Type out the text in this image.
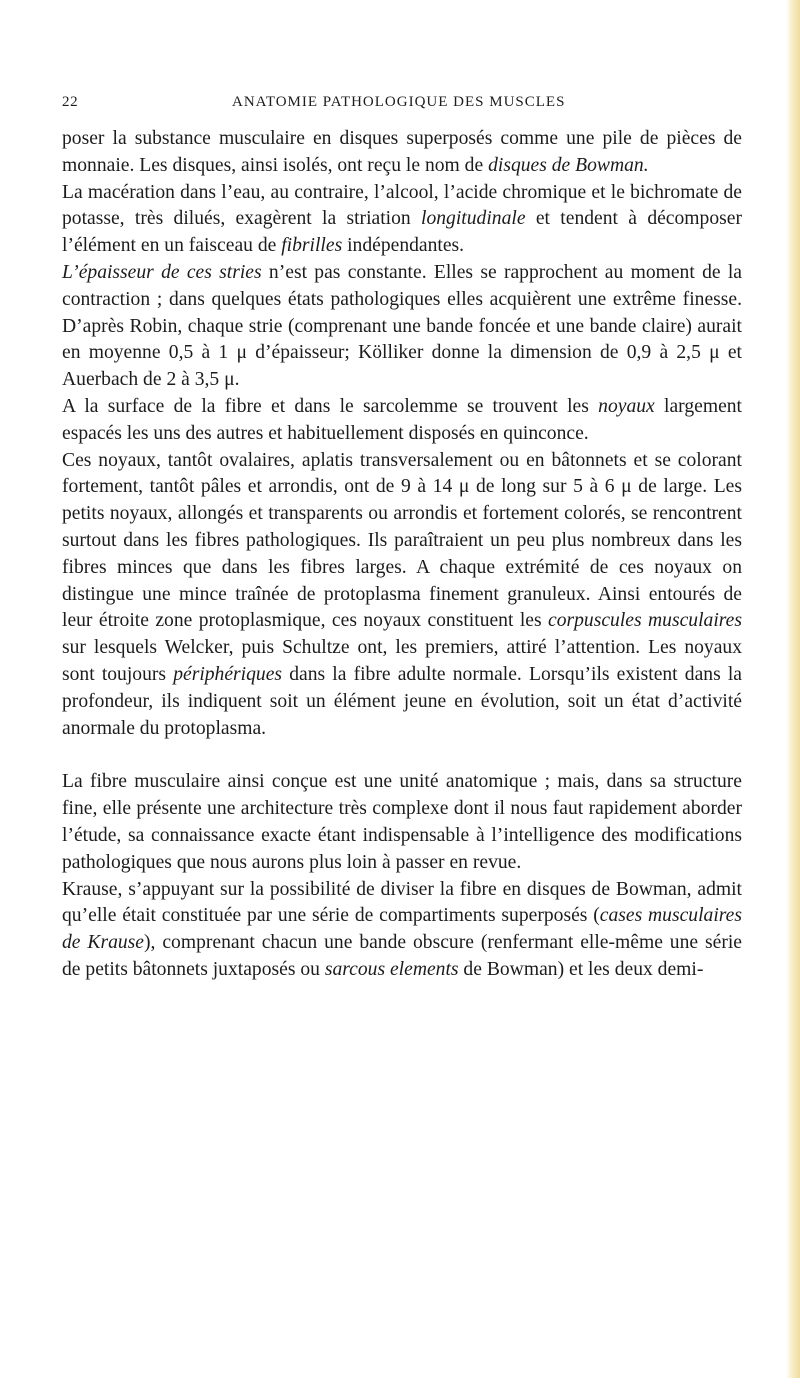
22	ANATOMIE PATHOLOGIQUE DES MUSCLES

poser la substance musculaire en disques superposés comme une pile de pièces de monnaie. Les disques, ainsi isolés, ont reçu le nom de disques de Bowman.

La macération dans l’eau, au contraire, l’alcool, l’acide chromique et le bichromate de potasse, très dilués, exagèrent la striation longitudinale et tendent à décomposer l’élément en un faisceau de fibrilles indépendantes.

L’épaisseur de ces stries n’est pas constante. Elles se rapprochent au moment de la contraction ; dans quelques états pathologiques elles acquièrent une extrême finesse. D’après Robin, chaque strie (comprenant une bande foncée et une bande claire) aurait en moyenne 0,5 à 1 μ d’épaisseur; Kölliker donne la dimension de 0,9 à 2,5 μ et Auerbach de 2 à 3,5 μ.

A la surface de la fibre et dans le sarcolemme se trouvent les noyaux largement espacés les uns des autres et habituellement disposés en quinconce.

Ces noyaux, tantôt ovalaires, aplatis transversalement ou en bâtonnets et se colorant fortement, tantôt pâles et arrondis, ont de 9 à 14 μ de long sur 5 à 6 μ de large. Les petits noyaux, allongés et transparents ou arrondis et fortement colorés, se rencontrent surtout dans les fibres pathologiques. Ils paraîtraient un peu plus nombreux dans les fibres minces que dans les fibres larges. A chaque extrémité de ces noyaux on distingue une mince traînée de protoplasma finement granuleux. Ainsi entourés de leur étroite zone protoplasmique, ces noyaux constituent les corpuscules musculaires sur lesquels Welcker, puis Schultze ont, les premiers, attiré l’attention. Les noyaux sont toujours périphériques dans la fibre adulte normale. Lorsqu’ils existent dans la profondeur, ils indiquent soit un élément jeune en évolution, soit un état d’activité anormale du protoplasma.

La fibre musculaire ainsi conçue est une unité anatomique ; mais, dans sa structure fine, elle présente une architecture très complexe dont il nous faut rapidement aborder l’étude, sa connaissance exacte étant indispensable à l’intelligence des modifications pathologiques que nous aurons plus loin à passer en revue.

Krause, s’appuyant sur la possibilité de diviser la fibre en disques de Bowman, admit qu’elle était constituée par une série de compartiments superposés (cases musculaires de Krause), comprenant chacun une bande obscure (renfermant elle-même une série de petits bâtonnets juxtaposés ou sarcous elements de Bowman) et les deux demi-
